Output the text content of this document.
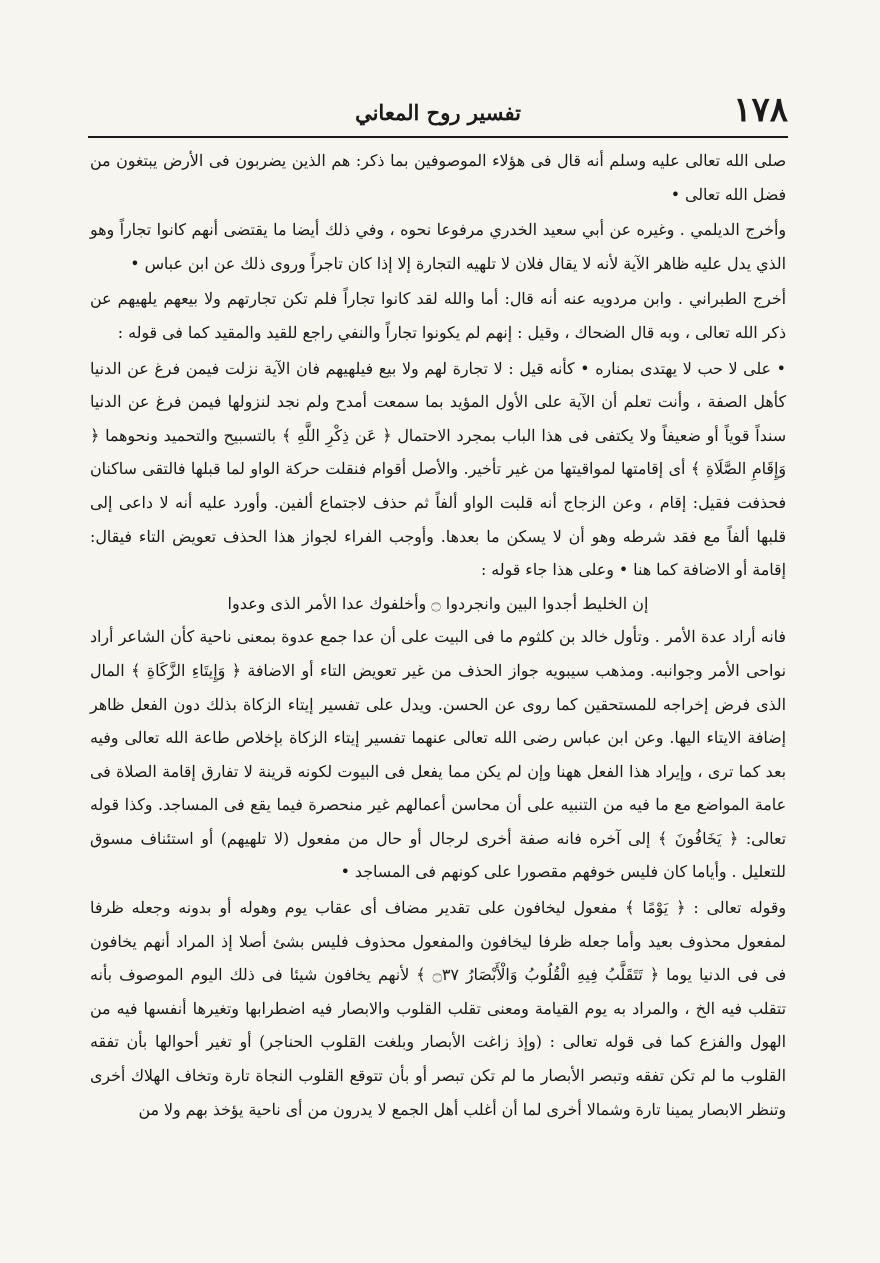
١٧٨
تفسير روح المعاني

صلى الله تعالى عليه وسلم أنه قال فى هؤلاء الموصوفين بما ذكر: هم الذين يضربون فى الأرض يبتغون من فضل الله تعالى •

وأخرج الديلمي . وغيره عن أبي سعيد الخدري مرفوعا نحوه ، وفي ذلك أيضا ما يقتضى أنهم كانوا تجاراً وهو الذي يدل عليه ظاهر الآية لأنه لا يقال فلان لا تلهيه التجارة إلا إذا كان تاجراً وروى ذلك عن ابن عباس •

أخرج الطبراني . وابن مردويه عنه أنه قال: أما والله لقد كانوا تجاراً فلم تكن تجارتهم ولا بيعهم يلهيهم عن ذكر الله تعالى ، وبه قال الضحاك ، وقيل : إنهم لم يكونوا تجاراً والنفي راجع للقيد والمقيد كما فى قوله :

• على لا حب لا يهتدى بمناره • كأنه قيل : لا تجارة لهم ولا بيع فيلهيهم فان الآية نزلت فيمن فرغ عن الدنيا كأهل الصفة ، وأنت تعلم أن الآية على الأول المؤيد بما سمعت أمدح ولم نجد لنزولها فيمن فرغ عن الدنيا سنداً قوياً أو ضعيفاً ولا يكتفى فى هذا الباب بمجرد الاحتمال ﴿ عَن ذِكْرِ اللَّهِ ﴾ بالتسبيح والتحميد ونحوهما ﴿ وَإِقَامِ الصَّلَاةِ ﴾ أى إقامتها لمواقيتها من غير تأخير. والأصل أقوام فنقلت حركة الواو لما قبلها فالتقى ساكنان فحذفت فقيل: إقام ، وعن الزجاج أنه قلبت الواو ألفاً ثم حذف لاجتماع ألفين. وأورد عليه أنه لا داعى إلى قلبها ألفاً مع فقد شرطه وهو أن لا يسكن ما بعدها. وأوجب الفراء لجواز هذا الحذف تعويض التاء فيقال: إقامة أو الاضافة كما هنا • وعلى هذا جاء قوله :

إن الخليط أجدوا البين وانجردوا ۝ وأخلفوك عدا الأمر الذى وعدوا

فانه أراد عدة الأمر . وتأول خالد بن كلثوم ما فى البيت على أن عدا جمع عدوة بمعنى ناحية كأن الشاعر أراد نواحى الأمر وجوانبه. ومذهب سيبويه جواز الحذف من غير تعويض التاء أو الاضافة ﴿ وَإِيتَاءِ الزَّكَاةِ ﴾ المال الذى فرض إخراجه للمستحقين كما روى عن الحسن. ويدل على تفسير إيتاء الزكاة بذلك دون الفعل ظاهر إضافة الايتاء اليها. وعن ابن عباس رضى الله تعالى عنهما تفسير إيتاء الزكاة بإخلاص طاعة الله تعالى وفيه بعد كما ترى ، وإيراد هذا الفعل ههنا وإن لم يكن مما يفعل فى البيوت لكونه قرينة لا تفارق إقامة الصلاة فى عامة المواضع مع ما فيه من التنبيه على أن محاسن أعمالهم غير منحصرة فيما يقع فى المساجد. وكذا قوله تعالى: ﴿ يَخَافُونَ ﴾ إلى آخره فانه صفة أخرى لرجال أو حال من مفعول (لا تلهيهم) أو استئناف مسوق للتعليل . وأياما كان فليس خوفهم مقصورا على كونهم فى المساجد •

وقوله تعالى : ﴿ يَوْمًا ﴾ مفعول ليخافون على تقدير مضاف أى عقاب يوم وهوله أو بدونه وجعله ظرفا لمفعول محذوف بعيد وأما جعله ظرفا ليخافون والمفعول محذوف فليس بشئ أصلا إذ المراد أنهم يخافون فى فى الدنيا يوما ﴿ تَتَقَلَّبُ فِيهِ الْقُلُوبُ وَالْأَبْصَارُ ۝٣٧ ﴾ لأنهم يخافون شيئا فى ذلك اليوم الموصوف بأنه تتقلب فيه الخ ، والمراد به يوم القيامة ومعنى تقلب القلوب والابصار فيه اضطرابها وتغيرها أنفسها فيه من الهول والفزع كما فى قوله تعالى : (وإذ زاغت الأبصار وبلغت القلوب الحناجر) أو تغير أحوالها بأن تفقه القلوب ما لم تكن تفقه وتبصر الأبصار ما لم تكن تبصر أو بأن تتوقع القلوب النجاة تارة وتخاف الهلاك أخرى وتنظر الابصار يمينا تارة وشمالا أخرى لما أن أغلب أهل الجمع لا يدرون من أى ناحية يؤخذ بهم ولا من
